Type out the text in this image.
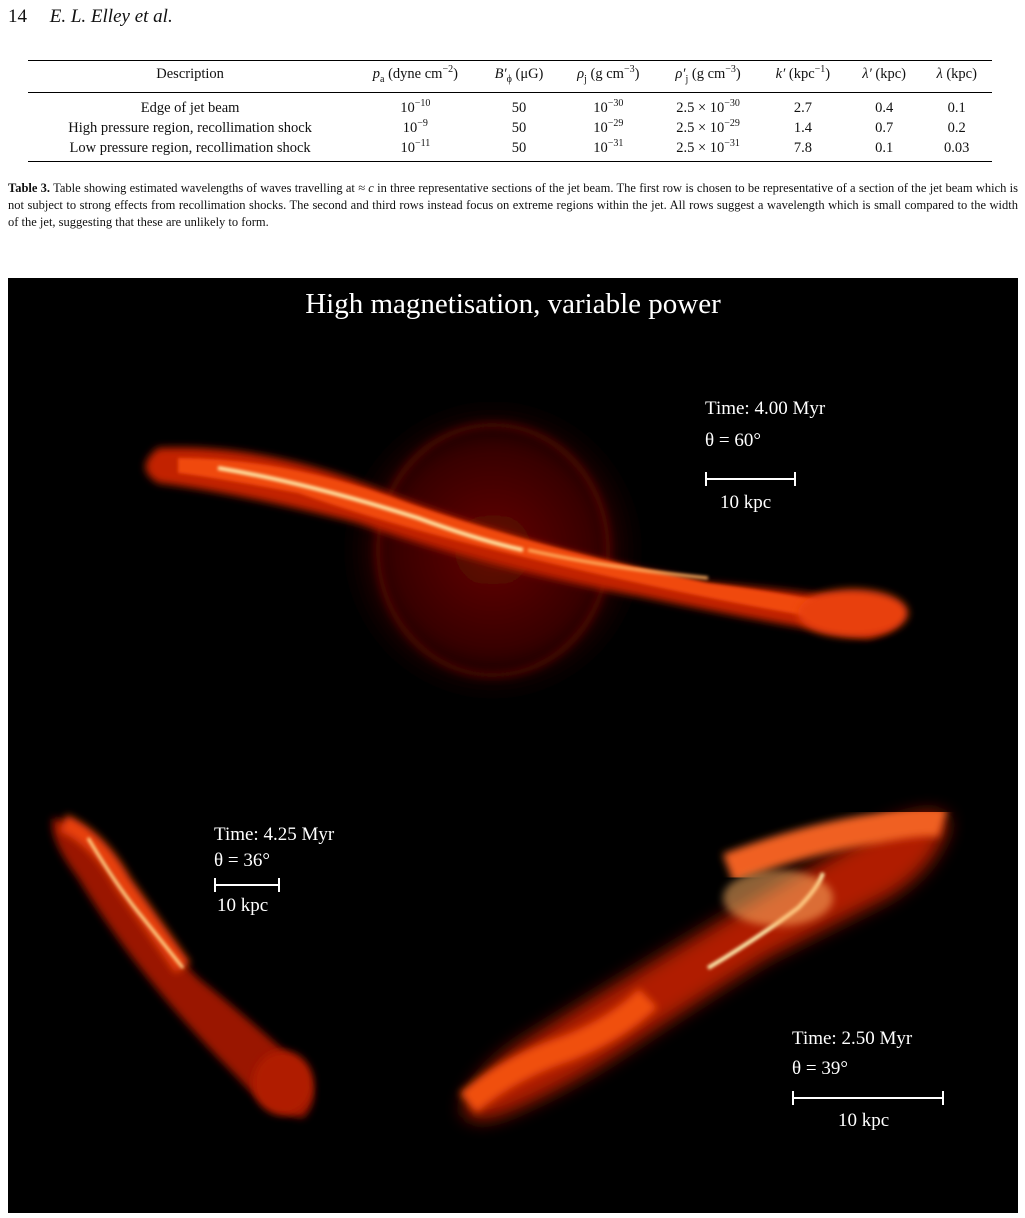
14 E. L. Elley et al.
Description	$p_a$ (dyne $cm^{-2}$)	$B'_\phi$ (μG)	$\rho_j$ (g $cm^{-3}$)	$\rho'_j$ (g $cm^{-3}$)	k′ (kpc$^{-1}$)	λ′ (kpc)	λ (kpc)
Edge of jet beam	$10^{-10}$	50	$10^{-30}$	$2.5 \times 10^{-30}$	2.7	0.4	0.1
High pressure region, recollimation shock	$10^{-9}$	50	$10^{-29}$	$2.5 \times 10^{-29}$	1.4	0.7	0.2
Low pressure region, recollimation shock	$10^{-11}$	50	$10^{-31}$	$2.5 \times 10^{-31}$	7.8	0.1	0.03
Table 3. Table showing estimated wavelengths of waves travelling at ≈ c in three representative sections of the jet beam. The first row is chosen to be representative of a section of the jet beam which is not subject to strong effects from recollimation shocks. The second and third rows instead focus on extreme regions within the jet. All rows suggest a wavelength which is small compared to the width of the jet, suggesting that these are unlikely to form.
High magnetisation, variable power
Time: 4.00 Myr
θ = 60°
10 kpc
Time: 4.25 Myr
θ = 36°
10 kpc
Time: 2.50 Myr
θ = 39°
10 kpc
